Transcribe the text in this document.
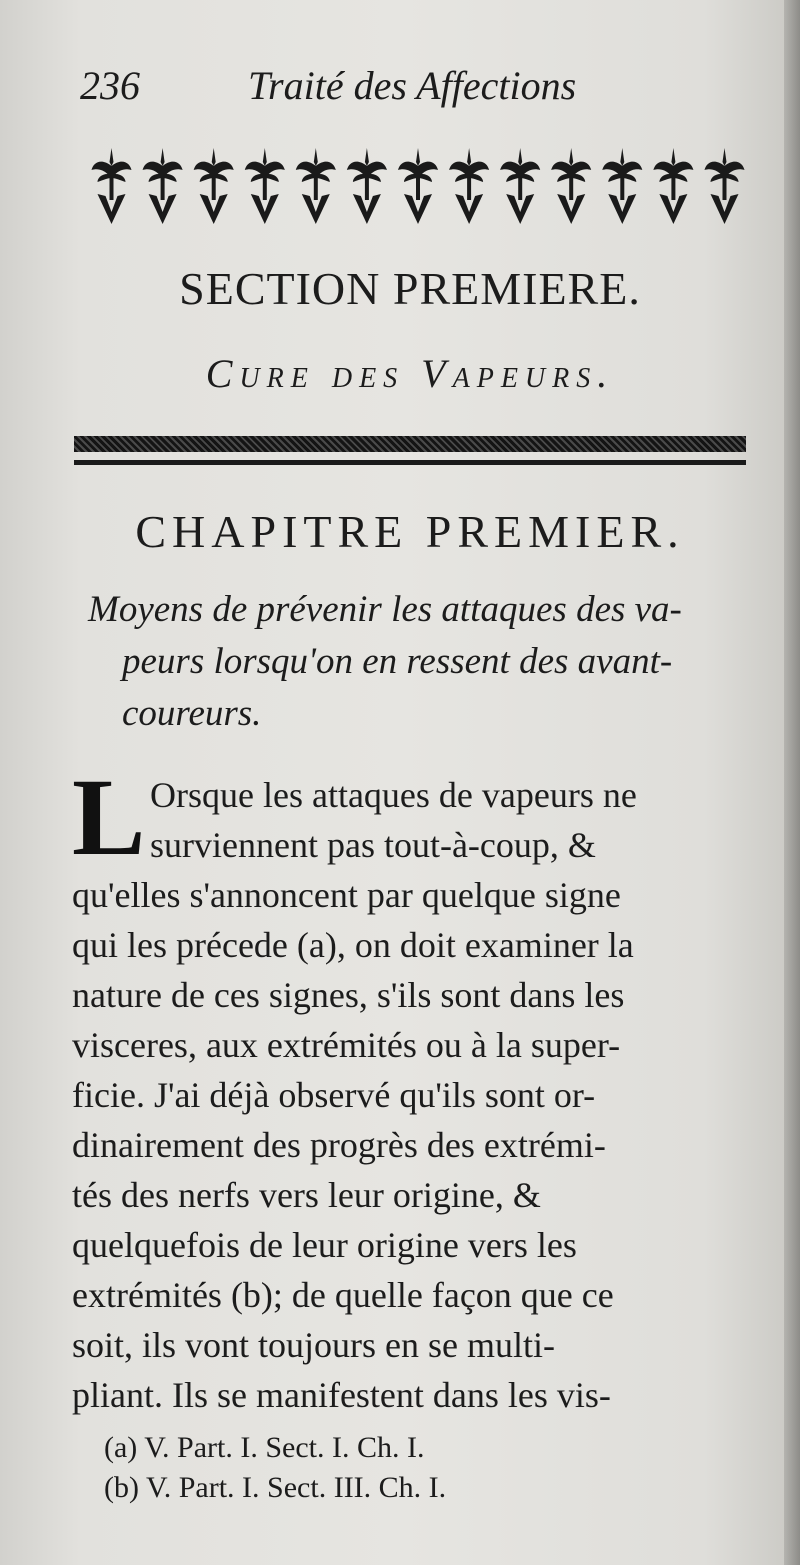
236	Traité des Affections
SECTION PREMIERE.
Cure des Vapeurs.
CHAPITRE PREMIER.
Moyens de prévenir les attaques des va-
peurs lorsqu'on en ressent des avant-
coureurs.
L Orsque les attaques de vapeurs ne
surviennent pas tout-à-coup, &
qu'elles s'annoncent par quelque signe
qui les précede (a), on doit examiner la
nature de ces signes, s'ils sont dans les
visceres, aux extrémités ou à la super-
ficie. J'ai déjà observé qu'ils sont or-
dinairement des progrès des extrémi-
tés des nerfs vers leur origine, &
quelquefois de leur origine vers les
extrémités (b); de quelle façon que ce
soit, ils vont toujours en se multi-
pliant. Ils se manifestent dans les vis-
(a) V. Part. I. Sect. I. Ch. I.
(b) V. Part. I. Sect. III. Ch. I.
